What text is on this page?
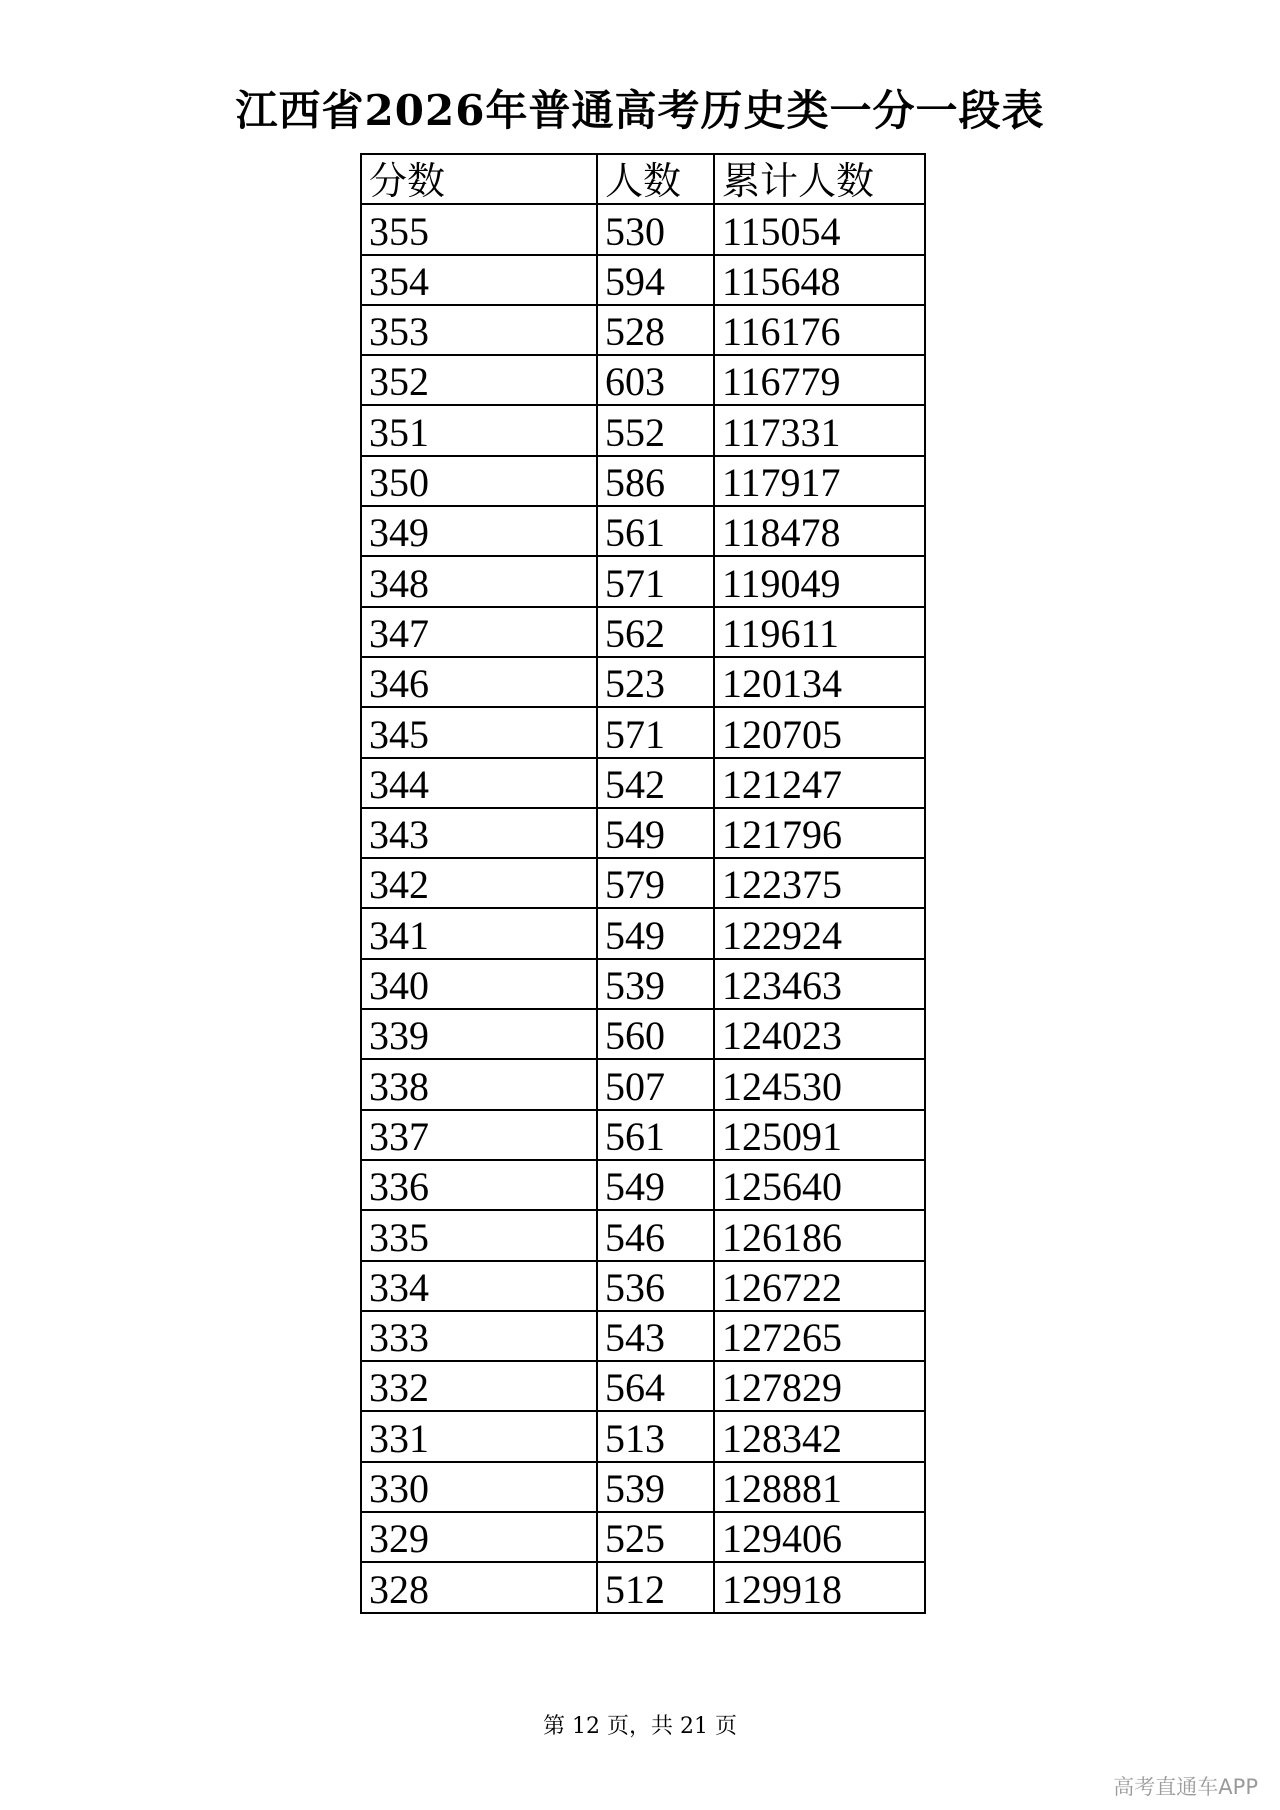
江西省2026年普通高考历史类一分一段表
分数	人数	累计人数
355	530	115054
354	594	115648
353	528	116176
352	603	116779
351	552	117331
350	586	117917
349	561	118478
348	571	119049
347	562	119611
346	523	120134
345	571	120705
344	542	121247
343	549	121796
342	579	122375
341	549	122924
340	539	123463
339	560	124023
338	507	124530
337	561	125091
336	549	125640
335	546	126186
334	536	126722
333	543	127265
332	564	127829
331	513	128342
330	539	128881
329	525	129406
328	512	129918
第 12 页，共 21 页
高考直通车APP
